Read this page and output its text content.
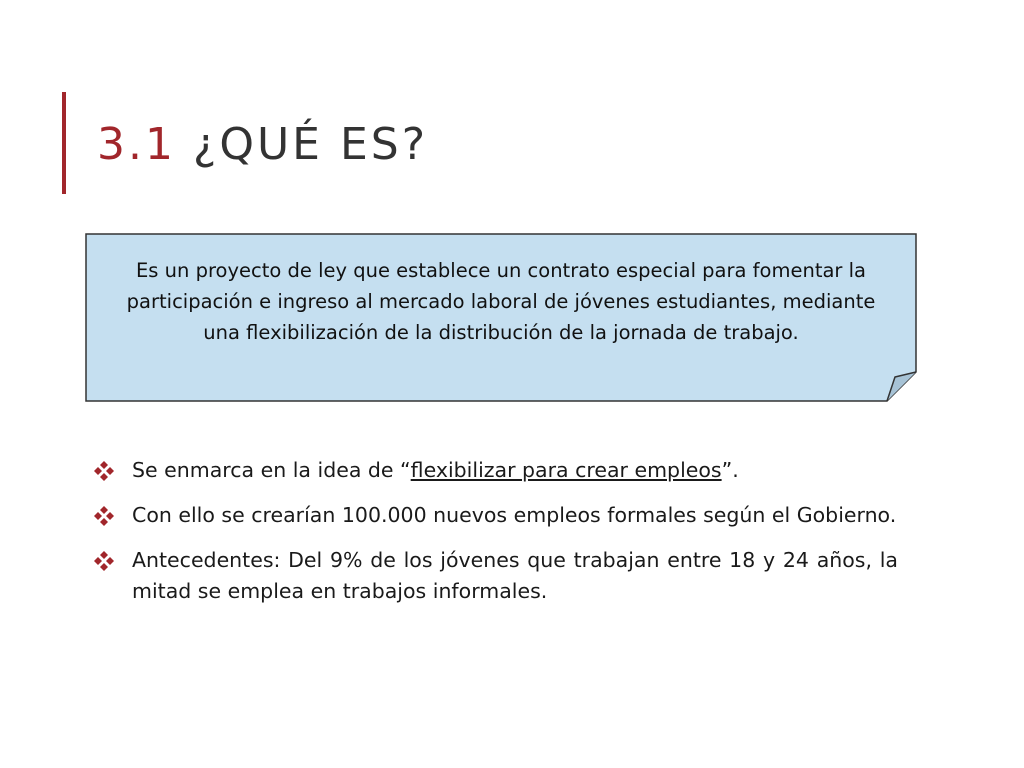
3.1 ¿QUÉ ES?
Es un proyecto de ley que establece un contrato especial para fomentar la participación e ingreso al mercado laboral de jóvenes estudiantes, mediante una flexibilización de la distribución de la jornada de trabajo.
Se enmarca en la idea de “flexibilizar para crear empleos”.
Con ello se crearían 100.000 nuevos empleos formales según el Gobierno.
Antecedentes: Del 9% de los jóvenes que trabajan entre 18 y 24 años, la mitad se emplea en trabajos informales.
